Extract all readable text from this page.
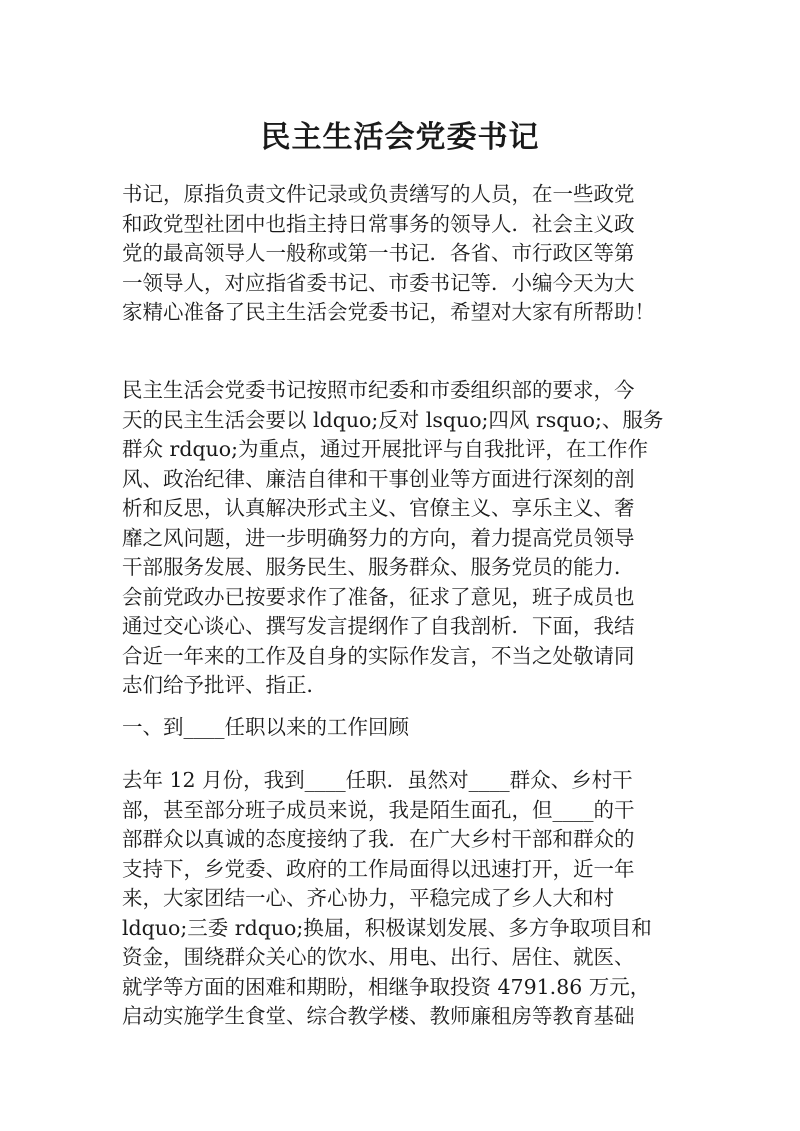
民主生活会党委书记

书记，原指负责文件记录或负责缮写的人员，在一些政党
和政党型社团中也指主持日常事务的领导人．社会主义政
党的最高领导人一般称或第一书记．各省、市行政区等第
一领导人，对应指省委书记、市委书记等．小编今天为大
家精心准备了民主生活会党委书记，希望对大家有所帮助！

民主生活会党委书记按照市纪委和市委组织部的要求，今
天的民主生活会要以 ldquo;反对 lsquo;四风 rsquo;、服务
群众 rdquo;为重点，通过开展批评与自我批评，在工作作
风、政治纪律、廉洁自律和干事创业等方面进行深刻的剖
析和反思，认真解决形式主义、官僚主义、享乐主义、奢
靡之风问题，进一步明确努力的方向，着力提高党员领导
干部服务发展、服务民生、服务群众、服务党员的能力．
会前党政办已按要求作了准备，征求了意见，班子成员也
通过交心谈心、撰写发言提纲作了自我剖析．下面，我结
合近一年来的工作及自身的实际作发言，不当之处敬请同
志们给予批评、指正．

一、到____任职以来的工作回顾

去年 12 月份，我到____任职．虽然对____群众、乡村干
部，甚至部分班子成员来说，我是陌生面孔，但____的干
部群众以真诚的态度接纳了我．在广大乡村干部和群众的
支持下，乡党委、政府的工作局面得以迅速打开，近一年
来，大家团结一心、齐心协力，平稳完成了乡人大和村
ldquo;三委 rdquo;换届，积极谋划发展、多方争取项目和
资金，围绕群众关心的饮水、用电、出行、居住、就医、
就学等方面的困难和期盼，相继争取投资 4791.86 万元，
启动实施学生食堂、综合教学楼、教师廉租房等教育基础
